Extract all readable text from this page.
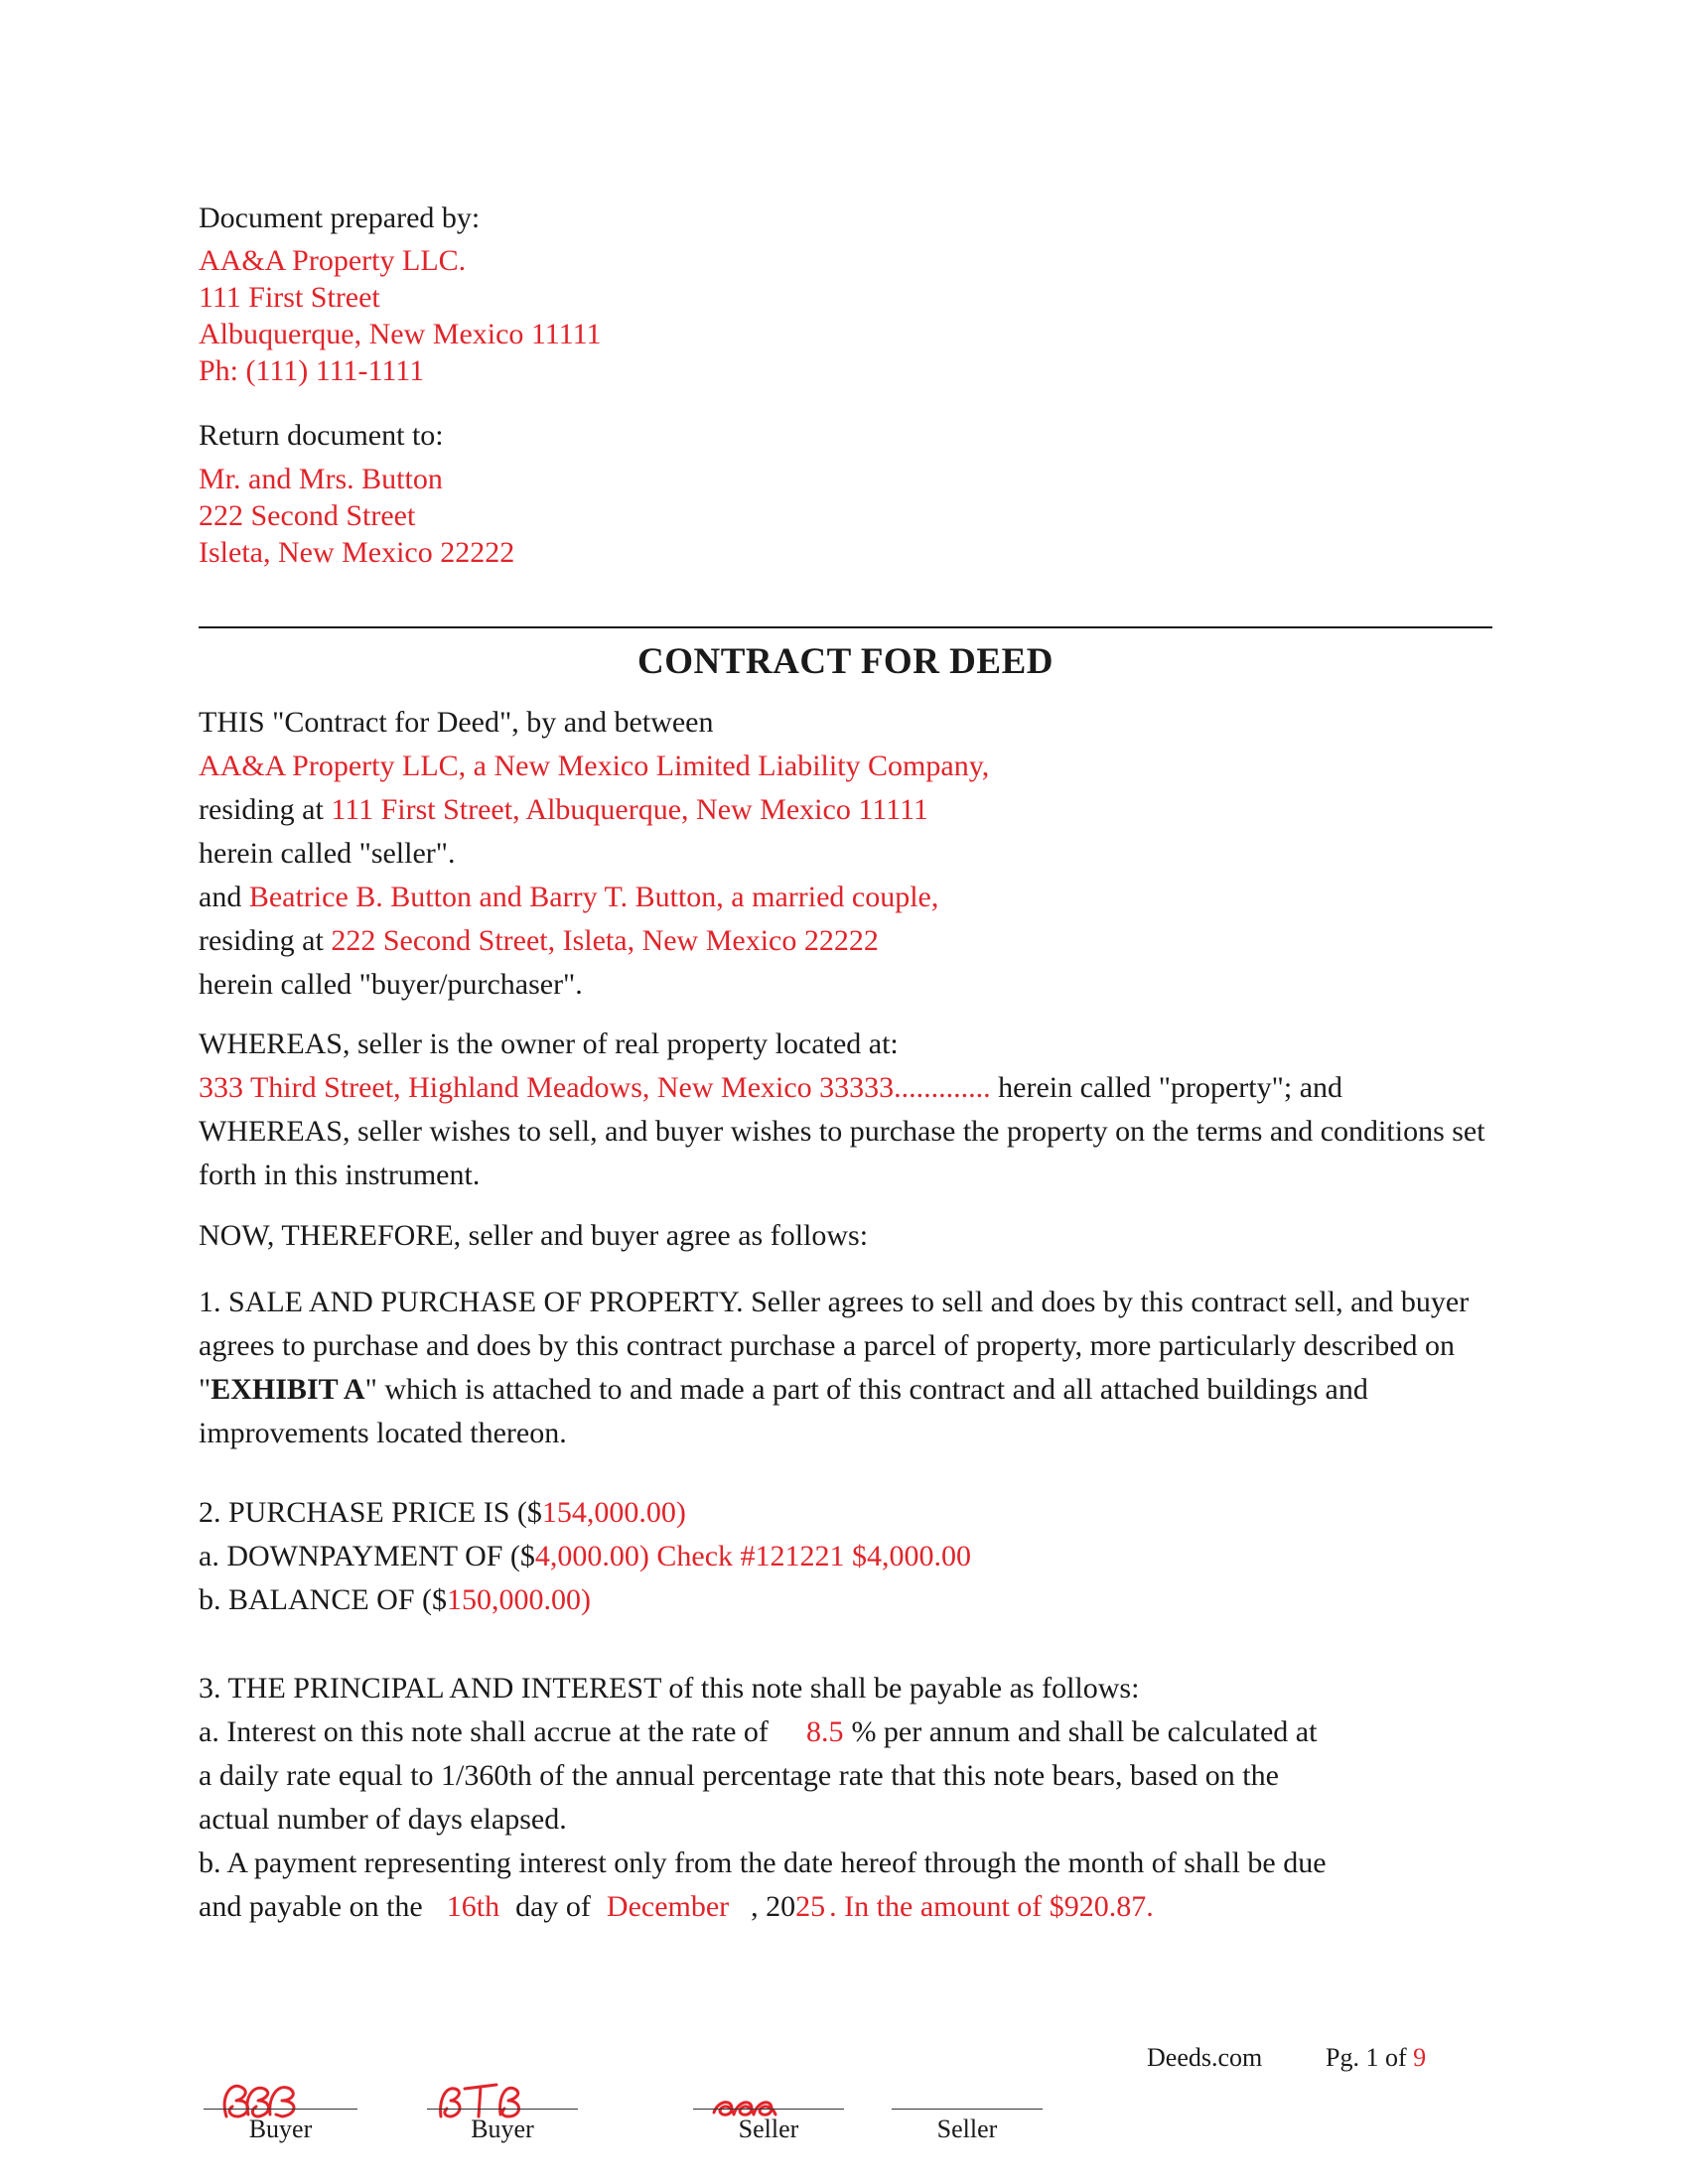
Document prepared by:
AA&A Property LLC.
111 First Street
Albuquerque, New Mexico 11111
Ph: (111) 111-1111
Return document to:
Mr. and Mrs. Button
222 Second Street
Isleta, New Mexico 22222
CONTRACT FOR DEED
THIS "Contract for Deed", by and between
AA&A Property LLC, a New Mexico Limited Liability Company,
residing at 111 First Street, Albuquerque, New Mexico 11111
herein called "seller".
and Beatrice B. Button and Barry T. Button, a married couple,
residing at 222 Second Street, Isleta, New Mexico 22222
herein called "buyer/purchaser".
WHEREAS, seller is the owner of real property located at:
333 Third Street, Highland Meadows, New Mexico 33333............. herein called "property"; and WHEREAS, seller wishes to sell, and buyer wishes to purchase the property on the terms and conditions set forth in this instrument.
NOW, THEREFORE, seller and buyer agree as follows:
1. SALE AND PURCHASE OF PROPERTY. Seller agrees to sell and does by this contract sell, and buyer agrees to purchase and does by this contract purchase a parcel of property, more particularly described on "EXHIBIT A" which is attached to and made a part of this contract and all attached buildings and improvements located thereon.
2. PURCHASE PRICE IS ($154,000.00)
a. DOWNPAYMENT OF ($4,000.00) Check #121221 $4,000.00
b. BALANCE OF ($150,000.00)
3. THE PRINCIPAL AND INTEREST of this note shall be payable as follows:
a. Interest on this note shall accrue at the rate of 8.5 % per annum and shall be calculated at
a daily rate equal to 1/360th of the annual percentage rate that this note bears, based on the
actual number of days elapsed.
b. A payment representing interest only from the date hereof through the month of shall be due
and payable on the 16th day of December , 2025 . In the amount of $920.87.
Deeds.com Pg. 1 of 9
Buyer	Buyer	Seller	Seller
